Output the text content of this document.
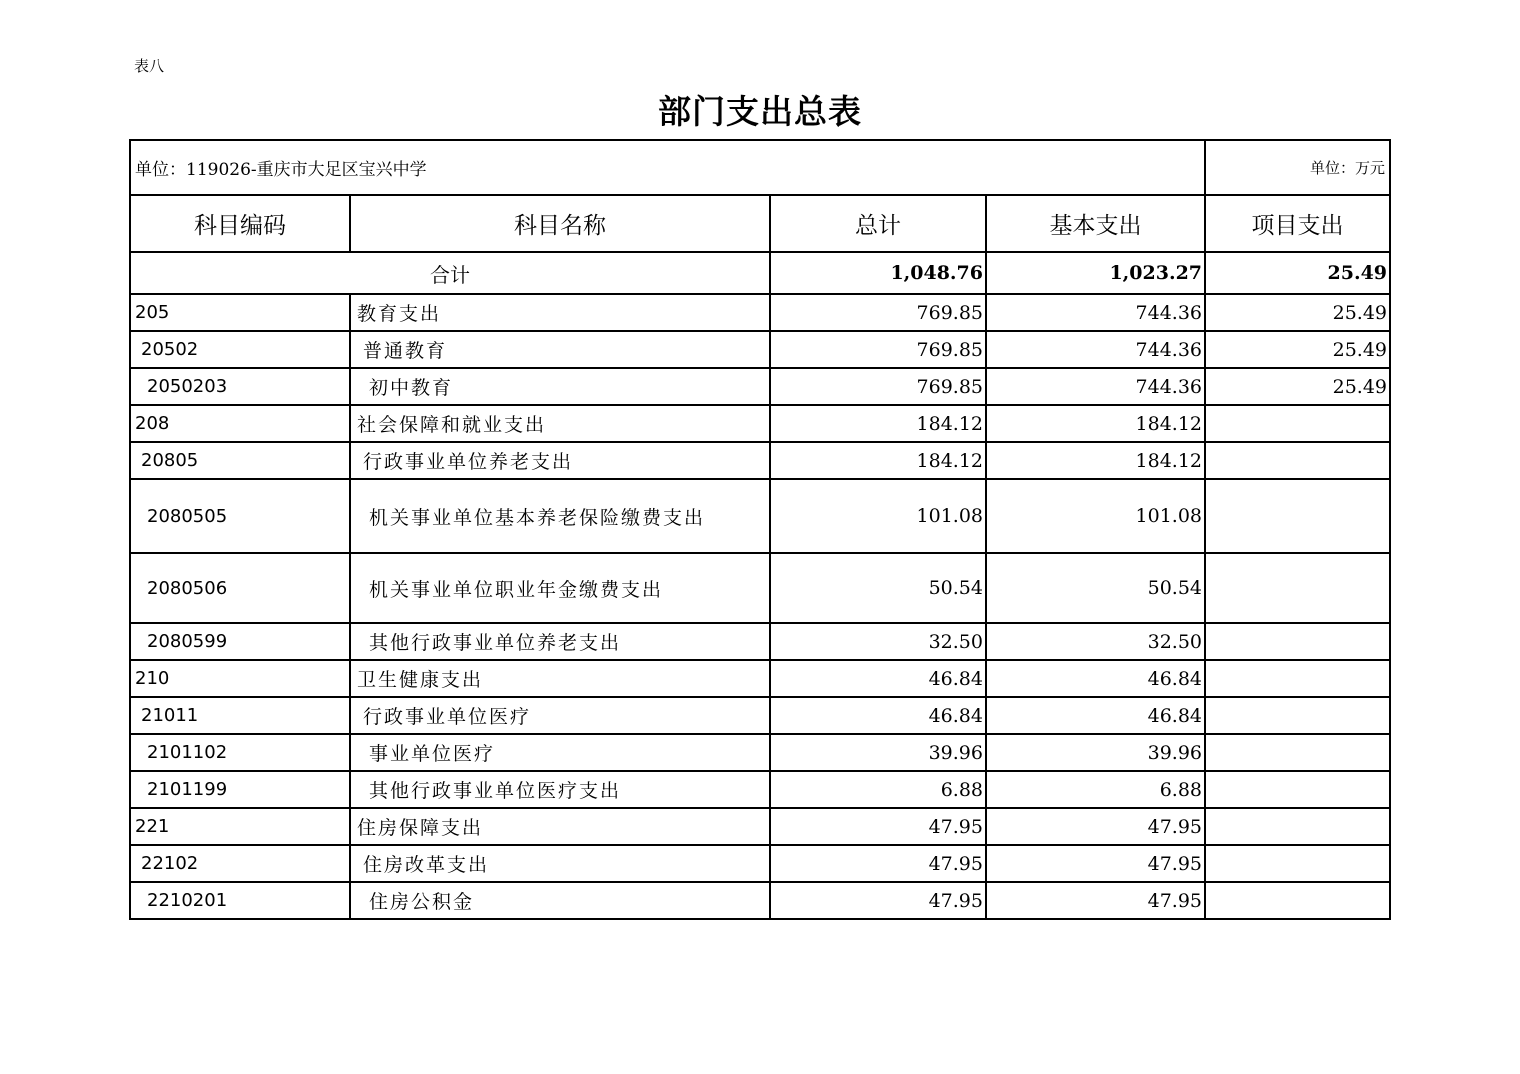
表八
部门支出总表
单位：119026-重庆市大足区宝兴中学				单位：万元
科目编码	科目名称	总计	基本支出	项目支出
合计		1,048.76	1,023.27	25.49
205	教育支出	769.85	744.36	25.49
20502	普通教育	769.85	744.36	25.49
2050203	初中教育	769.85	744.36	25.49
208	社会保障和就业支出	184.12	184.12	
20805	行政事业单位养老支出	184.12	184.12	
2080505	机关事业单位基本养老保险缴费支出	101.08	101.08	
2080506	机关事业单位职业年金缴费支出	50.54	50.54	
2080599	其他行政事业单位养老支出	32.50	32.50	
210	卫生健康支出	46.84	46.84	
21011	行政事业单位医疗	46.84	46.84	
2101102	事业单位医疗	39.96	39.96	
2101199	其他行政事业单位医疗支出	6.88	6.88	
221	住房保障支出	47.95	47.95	
22102	住房改革支出	47.95	47.95	
2210201	住房公积金	47.95	47.95	
